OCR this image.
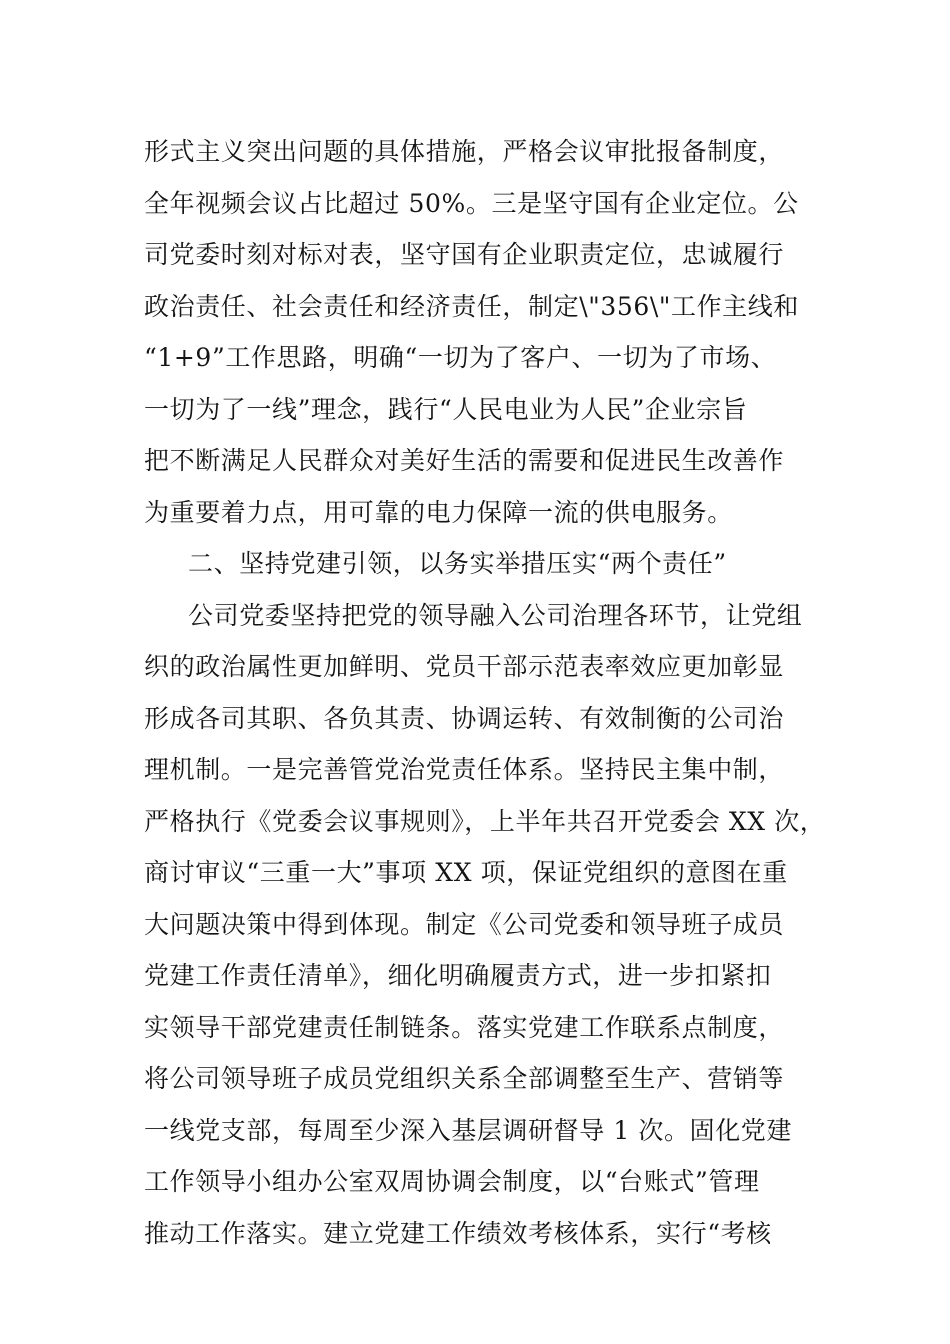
形式主义突出问题的具体措施，严格会议审批报备制度，
全年视频会议占比超过 50%。三是坚守国有企业定位。公
司党委时刻对标对表，坚守国有企业职责定位，忠诚履行
政治责任、社会责任和经济责任，制定\"356\"工作主线和
“1+9”工作思路，明确“一切为了客户、一切为了市场、
一切为了一线”理念，践行“人民电业为人民”企业宗旨
把不断满足人民群众对美好生活的需要和促进民生改善作
为重要着力点，用可靠的电力保障一流的供电服务。
二、坚持党建引领，以务实举措压实“两个责任”
公司党委坚持把党的领导融入公司治理各环节，让党组
织的政治属性更加鲜明、党员干部示范表率效应更加彰显
形成各司其职、各负其责、协调运转、有效制衡的公司治
理机制。一是完善管党治党责任体系。坚持民主集中制，
严格执行《党委会议事规则》，上半年共召开党委会 XX 次，
商讨审议“三重一大”事项 XX 项，保证党组织的意图在重
大问题决策中得到体现。制定《公司党委和领导班子成员
党建工作责任清单》，细化明确履责方式，进一步扣紧扣
实领导干部党建责任制链条。落实党建工作联系点制度，
将公司领导班子成员党组织关系全部调整至生产、营销等
一线党支部，每周至少深入基层调研督导 1 次。固化党建
工作领导小组办公室双周协调会制度，以“台账式”管理
推动工作落实。建立党建工作绩效考核体系，实行“考核
